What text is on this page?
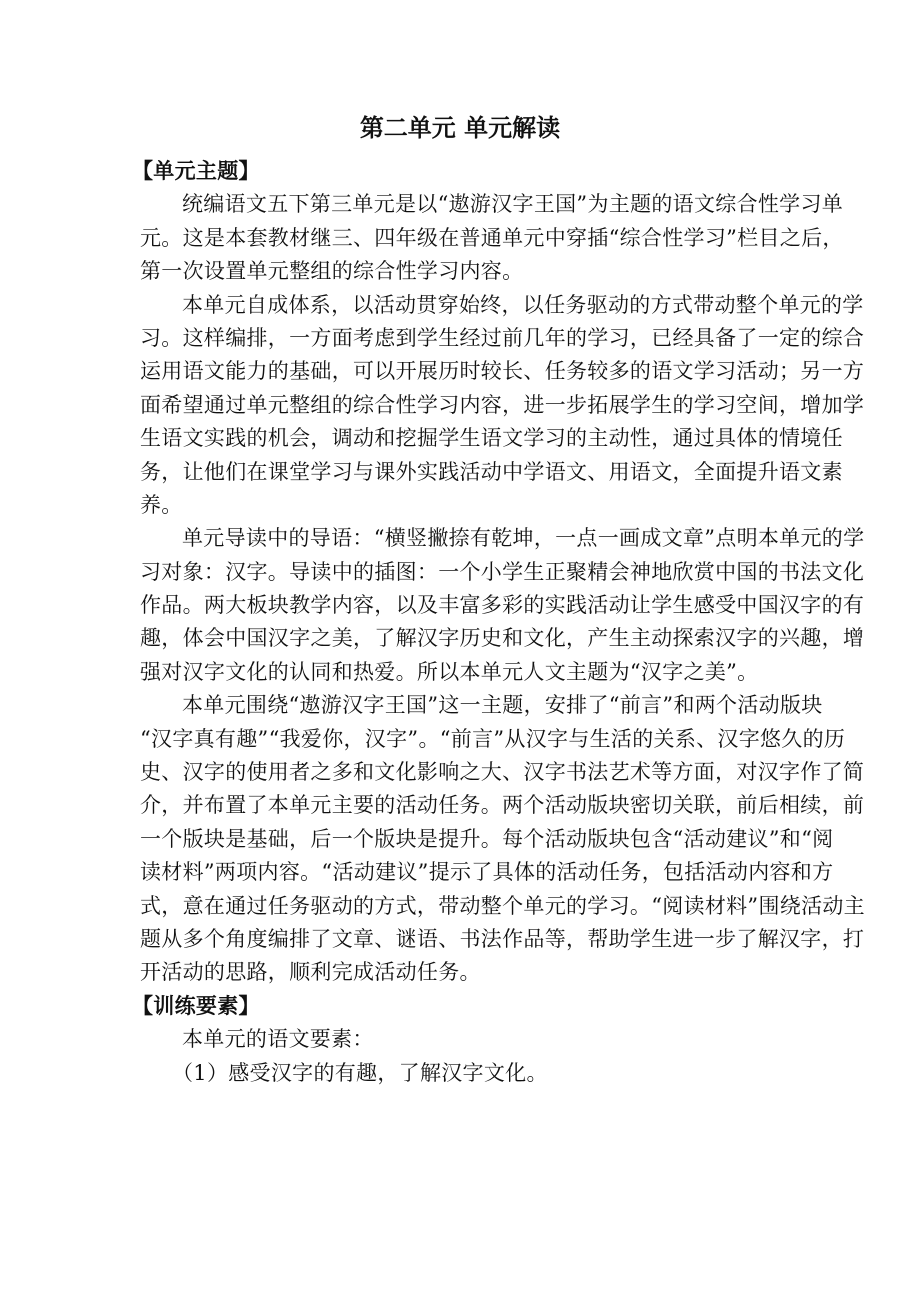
第二单元 单元解读
【单元主题】
统编语文五下第三单元是以“遨游汉字王国”为主题的语文综合性学习单
元。这是本套教材继三、四年级在普通单元中穿插“综合性学习”栏目之后，
第一次设置单元整组的综合性学习内容。
本单元自成体系，以活动贯穿始终，以任务驱动的方式带动整个单元的学
习。这样编排，一方面考虑到学生经过前几年的学习，已经具备了一定的综合
运用语文能力的基础，可以开展历时较长、任务较多的语文学习活动；另一方
面希望通过单元整组的综合性学习内容，进一步拓展学生的学习空间，增加学
生语文实践的机会，调动和挖掘学生语文学习的主动性，通过具体的情境任
务，让他们在课堂学习与课外实践活动中学语文、用语文，全面提升语文素
养。
单元导读中的导语：“横竖撇捺有乾坤，一点一画成文章”点明本单元的学
习对象：汉字。导读中的插图：一个小学生正聚精会神地欣赏中国的书法文化
作品。两大板块教学内容，以及丰富多彩的实践活动让学生感受中国汉字的有
趣，体会中国汉字之美，了解汉字历史和文化，产生主动探索汉字的兴趣，增
强对汉字文化的认同和热爱。所以本单元人文主题为“汉字之美”。
本单元围绕“遨游汉字王国”这一主题，安排了“前言”和两个活动版块
“汉字真有趣”“我爱你，汉字”。“前言”从汉字与生活的关系、汉字悠久的历
史、汉字的使用者之多和文化影响之大、汉字书法艺术等方面，对汉字作了简
介，并布置了本单元主要的活动任务。两个活动版块密切关联，前后相续，前
一个版块是基础，后一个版块是提升。每个活动版块包含“活动建议”和“阅
读材料”两项内容。“活动建议”提示了具体的活动任务，包括活动内容和方
式，意在通过任务驱动的方式，带动整个单元的学习。“阅读材料”围绕活动主
题从多个角度编排了文章、谜语、书法作品等，帮助学生进一步了解汉字，打
开活动的思路，顺利完成活动任务。
【训练要素】
本单元的语文要素：
（1）感受汉字的有趣，了解汉字文化。
